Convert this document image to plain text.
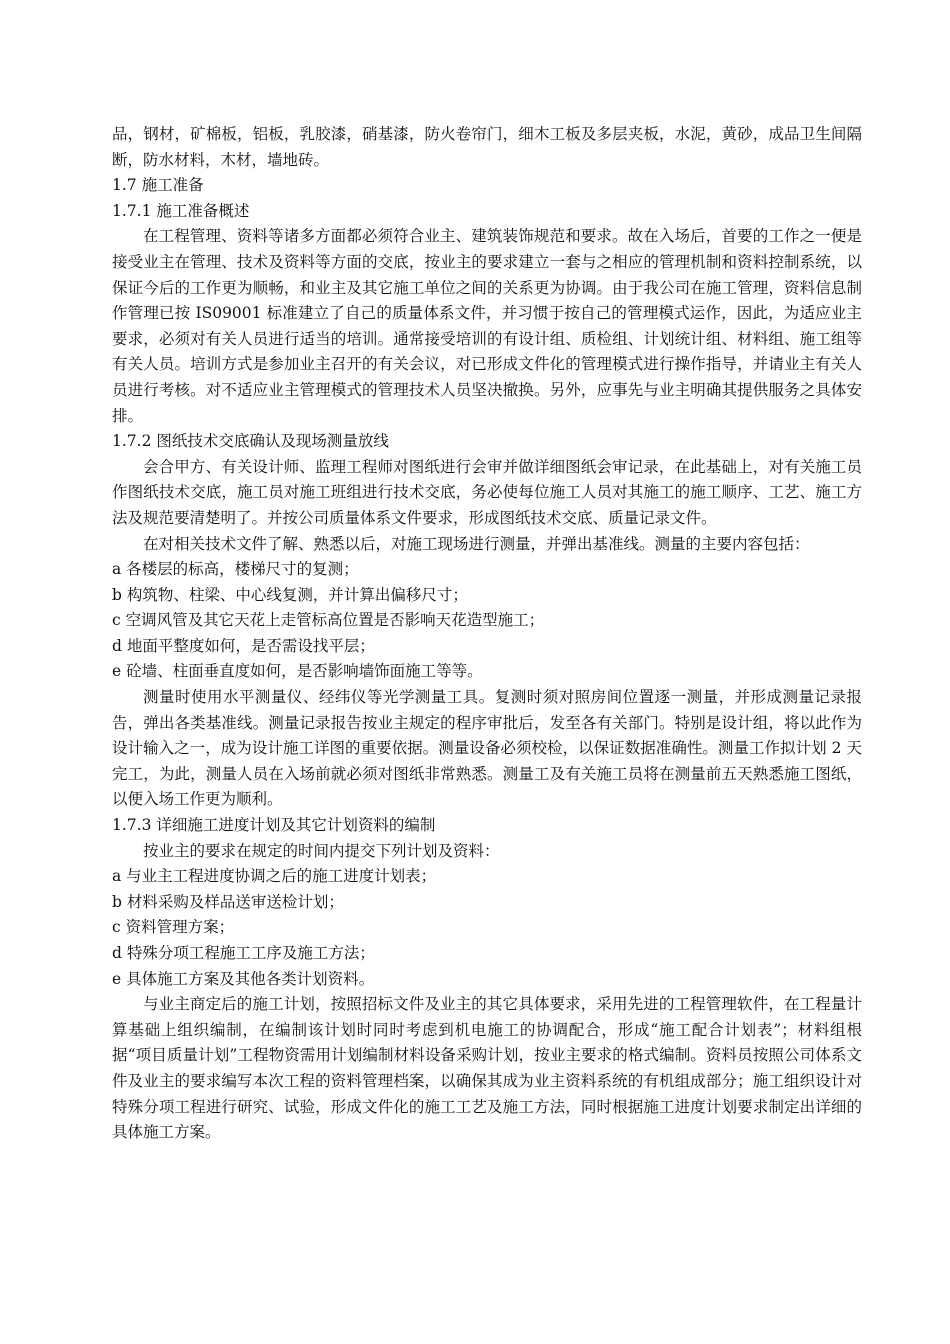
品，钢材，矿棉板，铝板，乳胶漆，硝基漆，防火卷帘门，细木工板及多层夹板，水泥，黄砂，成品卫生间隔断，防水材料，木材，墙地砖。

1.7 施工准备

1.7.1 施工准备概述

在工程管理、资料等诸多方面都必须符合业主、建筑装饰规范和要求。故在入场后，首要的工作之一便是接受业主在管理、技术及资料等方面的交底，按业主的要求建立一套与之相应的管理机制和资料控制系统，以保证今后的工作更为顺畅，和业主及其它施工单位之间的关系更为协调。由于我公司在施工管理，资料信息制作管理已按 IS09001 标准建立了自己的质量体系文件，并习惯于按自己的管理模式运作，因此，为适应业主要求，必须对有关人员进行适当的培训。通常接受培训的有设计组、质检组、计划统计组、材料组、施工组等有关人员。培训方式是参加业主召开的有关会议，对已形成文件化的管理模式进行操作指导，并请业主有关人员进行考核。对不适应业主管理模式的管理技术人员坚决撤换。另外，应事先与业主明确其提供服务之具体安排。

1.7.2 图纸技术交底确认及现场测量放线

会合甲方、有关设计师、监理工程师对图纸进行会审并做详细图纸会审记录，在此基础上，对有关施工员作图纸技术交底，施工员对施工班组进行技术交底，务必使每位施工人员对其施工的施工顺序、工艺、施工方法及规范要清楚明了。并按公司质量体系文件要求，形成图纸技术交底、质量记录文件。

在对相关技术文件了解、熟悉以后，对施工现场进行测量，并弹出基准线。测量的主要内容包括：

a 各楼层的标高，楼梯尺寸的复测；

b 构筑物、柱梁、中心线复测，并计算出偏移尺寸；

c 空调风管及其它天花上走管标高位置是否影响天花造型施工；

d 地面平整度如何，是否需设找平层；

e 砼墙、柱面垂直度如何，是否影响墙饰面施工等等。

测量时使用水平测量仪、经纬仪等光学测量工具。复测时须对照房间位置逐一测量，并形成测量记录报告，弹出各类基准线。测量记录报告按业主规定的程序审批后，发至各有关部门。特别是设计组，将以此作为设计输入之一，成为设计施工详图的重要依据。测量设备必须校检，以保证数据准确性。测量工作拟计划 2 天完工，为此，测量人员在入场前就必须对图纸非常熟悉。测量工及有关施工员将在测量前五天熟悉施工图纸，以便入场工作更为顺利。

1.7.3 详细施工进度计划及其它计划资料的编制

按业主的要求在规定的时间内提交下列计划及资料：

a 与业主工程进度协调之后的施工进度计划表；

b 材料采购及样品送审送检计划；

c 资料管理方案；

d 特殊分项工程施工工序及施工方法；

e 具体施工方案及其他各类计划资料。

与业主商定后的施工计划，按照招标文件及业主的其它具体要求，采用先进的工程管理软件，在工程量计算基础上组织编制，在编制该计划时同时考虑到机电施工的协调配合，形成“施工配合计划表”；材料组根据“项目质量计划”工程物资需用计划编制材料设备采购计划，按业主要求的格式编制。资料员按照公司体系文件及业主的要求编写本次工程的资料管理档案，以确保其成为业主资料系统的有机组成部分；施工组织设计对特殊分项工程进行研究、试验，形成文件化的施工工艺及施工方法，同时根据施工进度计划要求制定出详细的具体施工方案。
